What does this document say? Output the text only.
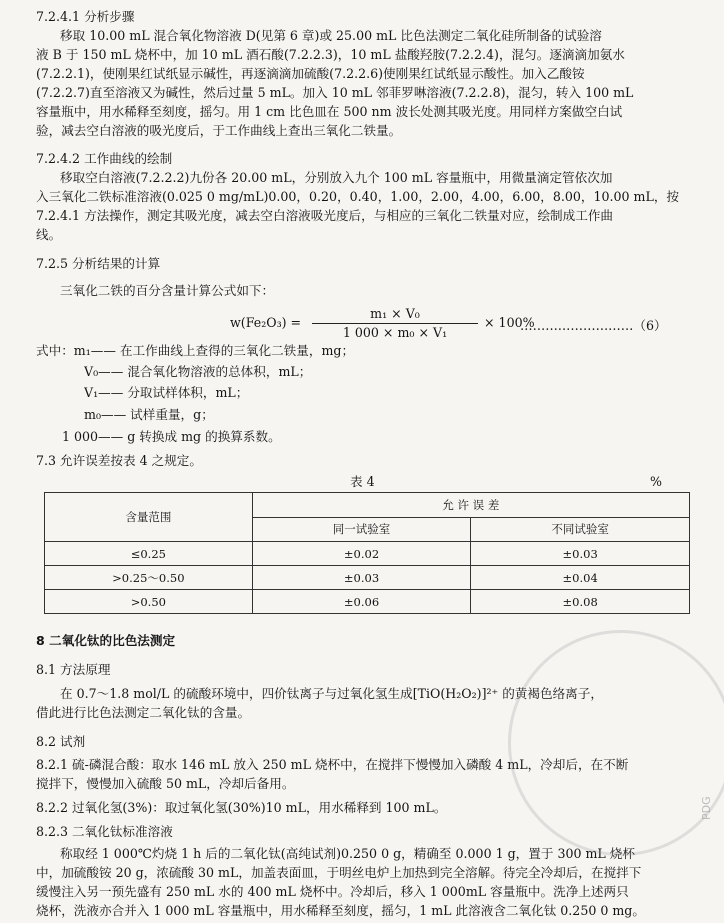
7.2.4.1 分析步骤
移取 10.00 mL 混合氧化物溶液 D(见第 6 章)或 25.00 mL 比色法测定二氧化硅所制备的试验溶
液 B 于 150 mL 烧杯中，加 10 mL 酒石酸(7.2.2.3)，10 mL 盐酸羟胺(7.2.2.4)，混匀。逐滴滴加氨水
(7.2.2.1)，使刚果红试纸显示碱性，再逐滴滴加硫酸(7.2.2.6)使刚果红试纸显示酸性。加入乙酸铵
(7.2.2.7)直至溶液又为碱性，然后过量 5 mL。加入 10 mL 邻菲罗啉溶液(7.2.2.8)，混匀，转入 100 mL
容量瓶中，用水稀释至刻度，摇匀。用 1 cm 比色皿在 500 nm 波长处测其吸光度。用同样方案做空白试
验，减去空白溶液的吸光度后，于工作曲线上查出三氧化二铁量。
7.2.4.2 工作曲线的绘制
移取空白溶液(7.2.2.2)九份各 20.00 mL，分别放入九个 100 mL 容量瓶中，用微量滴定管依次加
入三氧化二铁标准溶液(0.025 0 mg/mL)0.00，0.20，0.40，1.00，2.00，4.00，6.00，8.00，10.00 mL，按
7.2.4.1 方法操作，测定其吸光度，减去空白溶液吸光度后，与相应的三氧化二铁量对应，绘制成工作曲
线。
7.2.5 分析结果的计算
三氧化二铁的百分含量计算公式如下：
式中：m₁—— 在工作曲线上查得的三氧化二铁量，mg；
V₀—— 混合氧化物溶液的总体积，mL；
V₁—— 分取试样体积，mL；
m₀—— 试样重量，g；
1 000—— g 转换成 mg 的换算系数。
7.3 允许误差按表 4 之规定。
8 二氧化钛的比色法测定
8.1 方法原理
在 0.7～1.8 mol/L 的硫酸环境中，四价钛离子与过氧化氢生成[TiO(H₂O₂)]²⁺ 的黄褐色络离子，
借此进行比色法测定二氧化钛的含量。
8.2 试剂
8.2.1 硫-磷混合酸：取水 146 mL 放入 250 mL 烧杯中，在搅拌下慢慢加入磷酸 4 mL，冷却后，在不断
搅拌下，慢慢加入硫酸 50 mL，冷却后备用。
8.2.2 过氧化氢(3%)：取过氧化氢(30%)10 mL，用水稀释到 100 mL。
8.2.3 二氧化钛标准溶液
称取经 1 000℃灼烧 1 h 后的二氧化钛(高纯试剂)0.250 0 g，精确至 0.000 1 g，置于 300 mL 烧杯
中，加硫酸铵 20 g，浓硫酸 30 mL，加盖表面皿，于明丝电炉上加热到完全溶解。待完全冷却后，在搅拌下
缓慢注入另一预先盛有 250 mL 水的 400 mL 烧杯中。冷却后，移入 1 000mL 容量瓶中。洗净上述两只
烧杯，洗液亦合并入 1 000 mL 容量瓶中，用水稀释至刻度，摇匀，1 mL 此溶液含二氧化钛 0.250 0 mg。
w(Fe₂O₃) =
m₁ × V₀
1 000 × m₀ × V₁
× 100%
………………………（6）
表 4	%
含量范围	允 许 误 差	
	同一试验室	不同试验室
≤0.25	±0.02	±0.03
>0.25～0.50	±0.03	±0.04
>0.50	±0.06	±0.08
PDG
